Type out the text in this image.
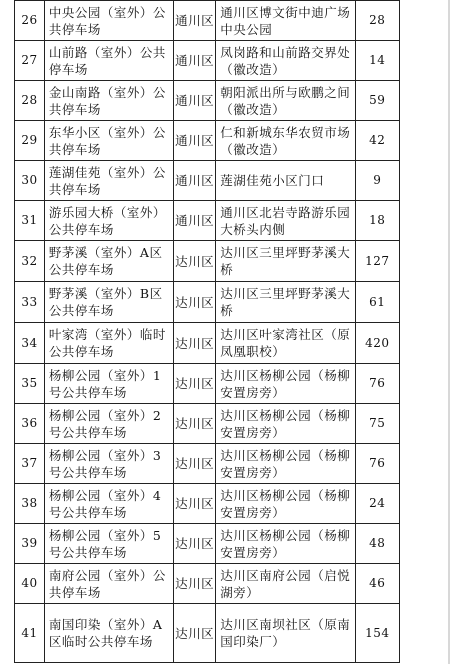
26	中央公园（室外）公共停车场	通川区	通川区博文街中迪广场中央公园	28
27	山前路（室外）公共停车场	通川区	凤岗路和山前路交界处（徽改造）	14
28	金山南路（室外）公共停车场	通川区	朝阳派出所与欧鹏之间（徽改造）	59
29	东华小区（室外）公共停车场	通川区	仁和新城东华农贸市场（徽改造）	42
30	莲湖佳苑（室外）公共停车场	通川区	莲湖佳苑小区门口	9
31	游乐园大桥（室外）公共停车场	通川区	通川区北岩寺路游乐园大桥头内侧	18
32	野茅溪（室外）A区公共停车场	达川区	达川区三里坪野茅溪大桥	127
33	野茅溪（室外）B区公共停车场	达川区	达川区三里坪野茅溪大桥	61
34	叶家湾（室外）临时公共停车场	达川区	达川区叶家湾社区（原凤凰职校）	420
35	杨柳公园（室外）1号公共停车场	达川区	达川区杨柳公园（杨柳安置房旁）	76
36	杨柳公园（室外）2号公共停车场	达川区	达川区杨柳公园（杨柳安置房旁）	75
37	杨柳公园（室外）3号公共停车场	达川区	达川区杨柳公园（杨柳安置房旁）	76
38	杨柳公园（室外）4号公共停车场	达川区	达川区杨柳公园（杨柳安置房旁）	24
39	杨柳公园（室外）5号公共停车场	达川区	达川区杨柳公园（杨柳安置房旁）	48
40	南府公园（室外）公共停车场	达川区	达川区南府公园（启悦湖旁）	46
41	南国印染（室外）A区临时公共停车场	达川区	达川区南坝社区（原南国印染厂）	154
